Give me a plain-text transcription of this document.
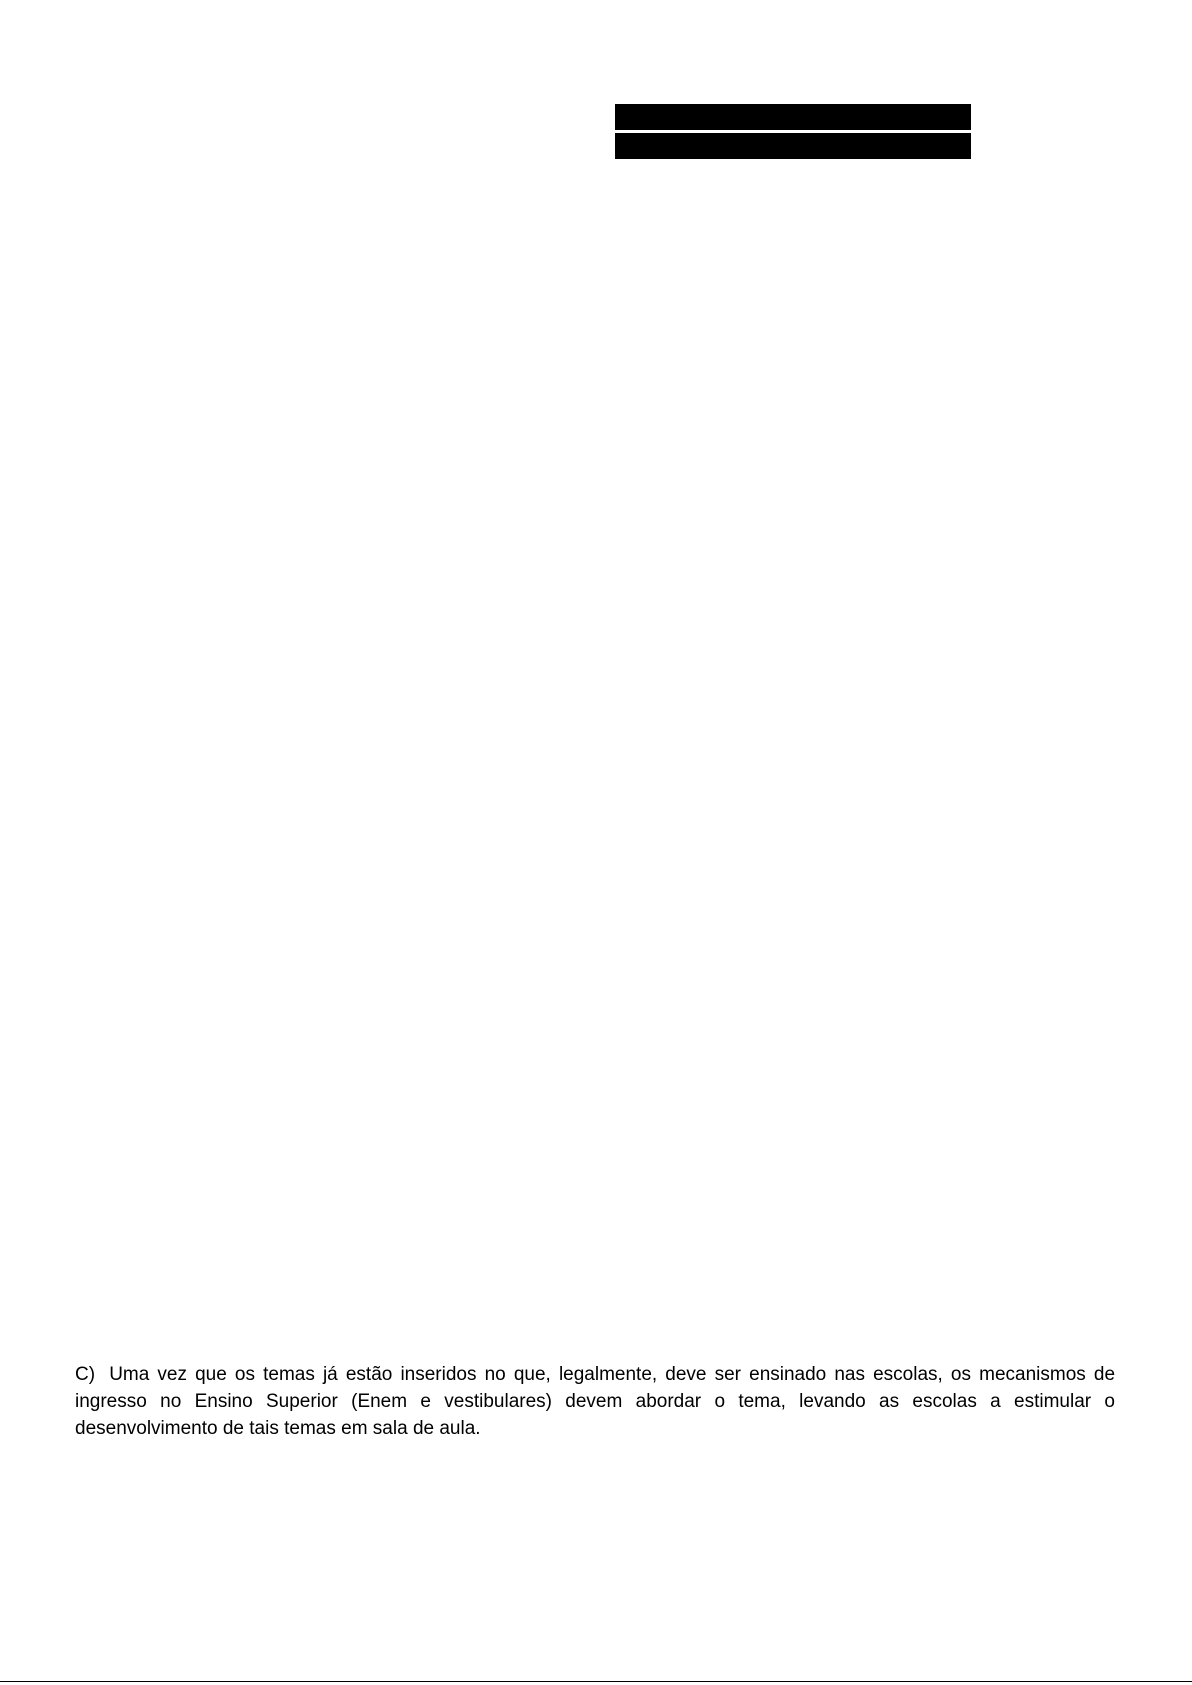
C) Uma vez que os temas já estão inseridos no que, legalmente, deve ser ensinado nas escolas, os mecanismos de ingresso no Ensino Superior (Enem e vestibulares) devem abordar o tema, levando as escolas a estimular o desenvolvimento de tais temas em sala de aula.
